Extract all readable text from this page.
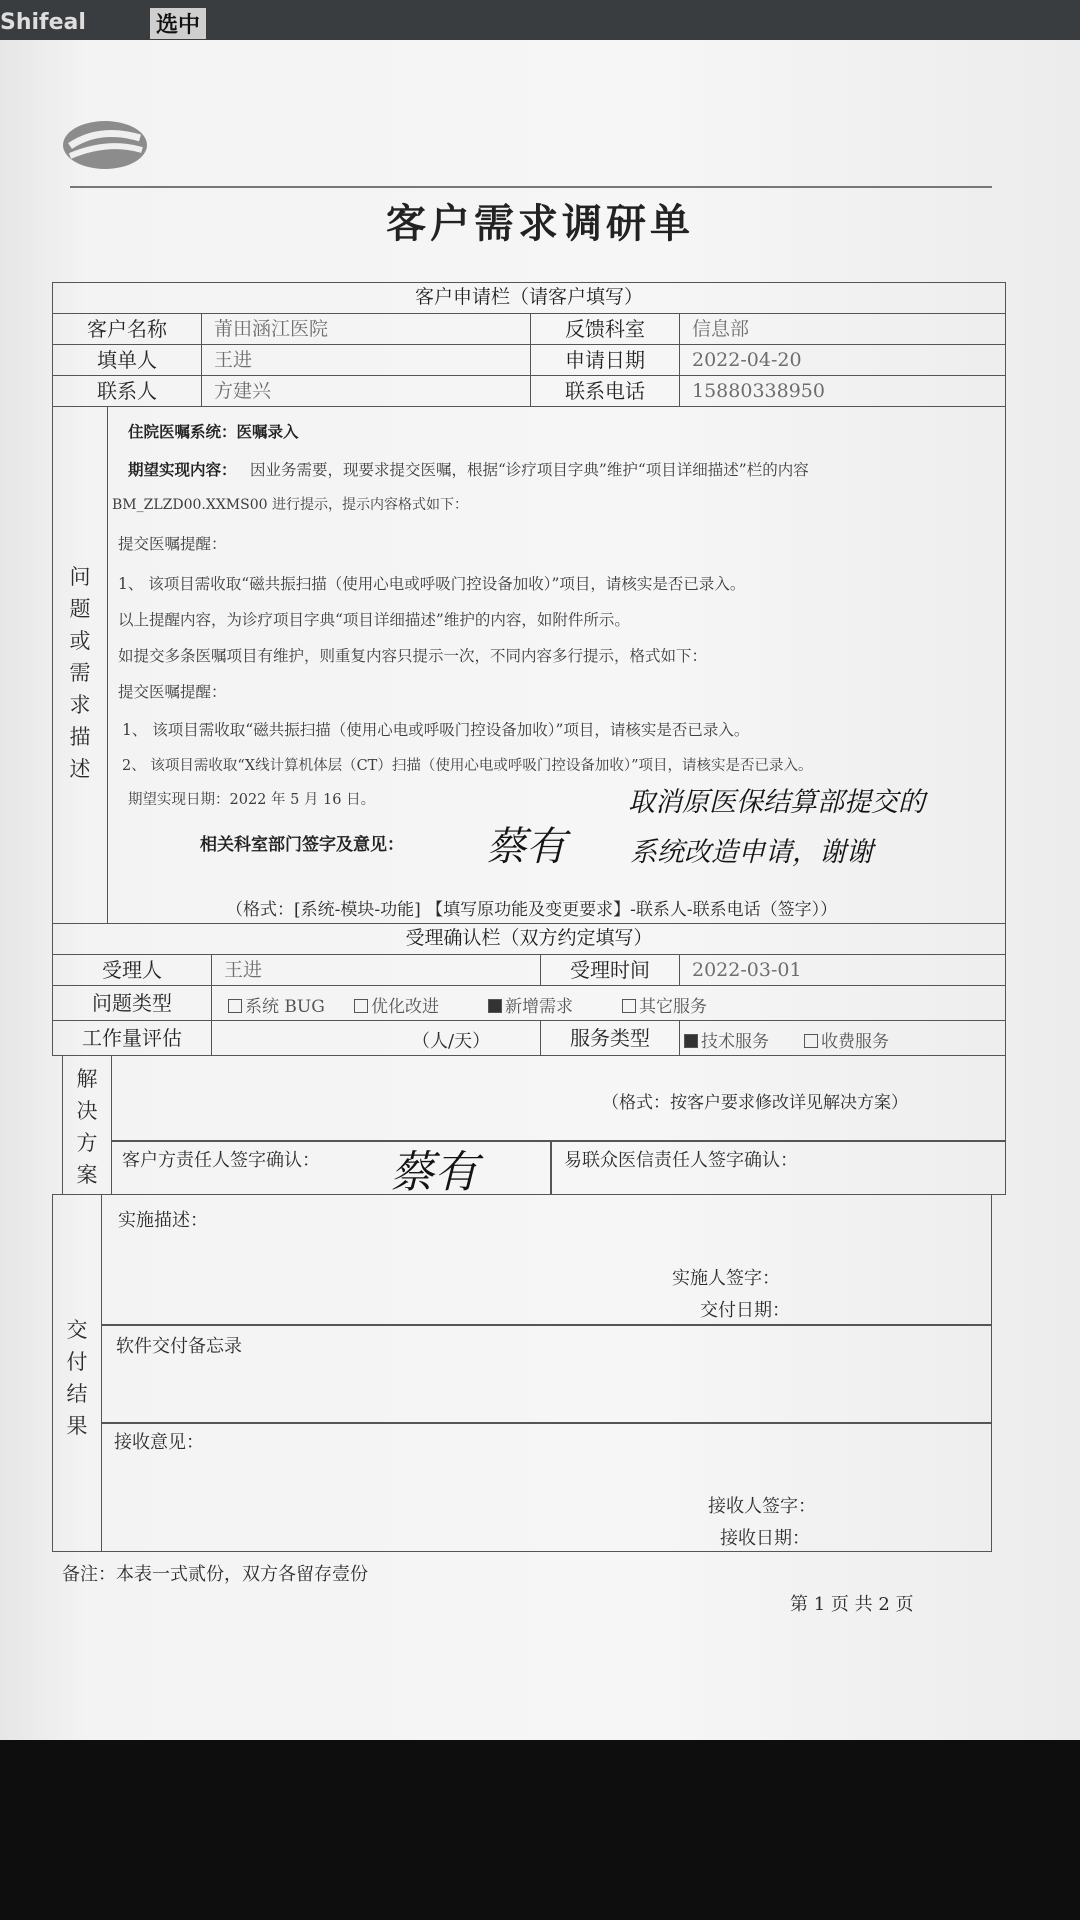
Shifeal	选中
客户需求调研单
客户申请栏（请客户填写）
客户名称	莆田涵江医院	反馈科室	信息部
填单人	王进	申请日期	2022-04-20
联系人	方建兴	联系电话	15880338950
问题或需求描述
住院医嘱系统：医嘱录入
期望实现内容： 因业务需要，现要求提交医嘱，根据“诊疗项目字典”维护“项目详细描述”栏的内容
BM_ZLZD00.XXMS00 进行提示，提示内容格式如下：
提交医嘱提醒：
1、 该项目需收取“磁共振扫描（使用心电或呼吸门控设备加收）”项目，请核实是否已录入。
以上提醒内容，为诊疗项目字典“项目详细描述”维护的内容，如附件所示。
如提交多条医嘱项目有维护，则重复内容只提示一次，不同内容多行提示，格式如下：
提交医嘱提醒：
1、 该项目需收取“磁共振扫描（使用心电或呼吸门控设备加收）”项目，请核实是否已录入。
2、 该项目需收取“X线计算机体层（CT）扫描（使用心电或呼吸门控设备加收）”项目，请核实是否已录入。
期望实现日期：2022 年 5 月 16 日。
相关科室部门签字及意见： 蔡有
取消原医保结算部提交的
系统改造申请，谢谢
（格式：[系统-模块-功能] 【填写原功能及变更要求】-联系人-联系电话（签字））
受理确认栏（双方约定填写）
受理人	王进	受理时间	2022-03-01
问题类型	系统 BUG	优化改进	新增需求	其它服务
工作量评估	（人/天）	服务类型	技术服务	收费服务
解决方案
（格式：按客户要求修改详见解决方案）
客户方责任人签字确认： 蔡有	易联众医信责任人签字确认：
交付结果
实施描述：
实施人签字：
交付日期：
软件交付备忘录
接收意见：
接收人签字：
接收日期：
备注：本表一式贰份，双方各留存壹份
第 1 页 共 2 页
